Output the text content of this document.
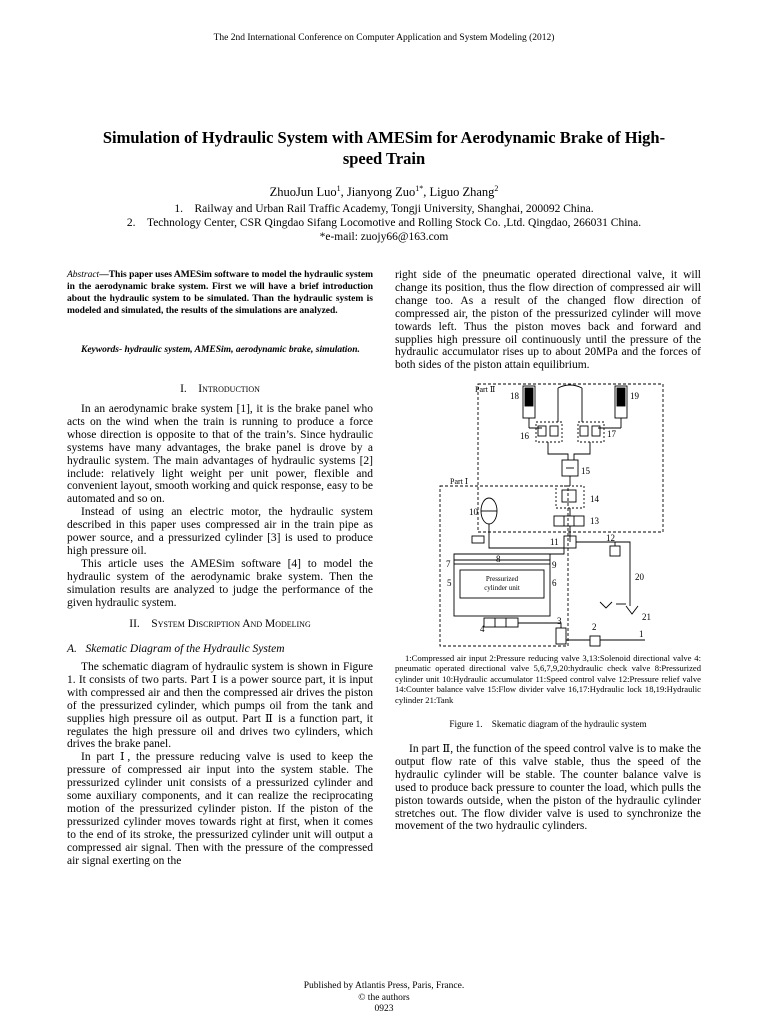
The 2nd International Conference on Computer Application and System Modeling (2012)
Simulation of Hydraulic System with AMESim for Aerodynamic Brake of High-
speed Train
ZhuoJun Luo$^1$, Jianyong Zuo$^{1*}$, Liguo Zhang$^2$
1.    Railway and Urban Rail Traffic Academy, Tongji University, Shanghai, 200092 China.
2.    Technology Center, CSR Qingdao Sifang Locomotive and Rolling Stock Co. ,Ltd. Qingdao, 266031 China.
*e-mail: zuojy66@163.com
Abstract—This paper uses AMESim software to model the hydraulic system in the aerodynamic brake system. First we will have a brief introduction about the hydraulic system to be simulated. Than the hydraulic system is modeled and simulated, the results of the simulations are analyzed.
Keywords- hydraulic system, AMESim, aerodynamic brake, simulation.
I. Introduction

In an aerodynamic brake system [1], it is the brake panel who acts on the wind when the train is running to produce a force whose direction is opposite to that of the train’s. Since hydraulic systems have many advantages, the brake panel is drove by a hydraulic system. The main advantages of hydraulic systems [2] include: relatively light weight per unit power, flexible and convenient layout, smooth working and quick response, easy to be automated and so on.

Instead of using an electric motor, the hydraulic system described in this paper uses compressed air in the train pipe as power source, and a pressurized cylinder [3] is used to produce high pressure oil.

This article uses the AMESim software [4] to model the hydraulic system of the aerodynamic brake system. Then the simulation results are analyzed to judge the performance of the given hydraulic system.

II. System Discription And Modeling
A.   Skematic Diagram of the Hydraulic System

The schematic diagram of hydraulic system is shown in Figure 1. It consists of two parts. Part Ⅰ is a power source part, it is input with compressed air and then the compressed air drives the piston of the pressurized cylinder, which pumps oil from the tank and supplies high pressure oil as output. Part Ⅱ is a function part, it regulates the high pressure oil and drives two cylinders, which drives the brake panel.

In part Ⅰ, the pressure reducing valve is used to keep the pressure of compressed air input into the system stable. The pressurized cylinder unit consists of a pressurized cylinder and some auxiliary components, and it can realize the reciprocating motion of the pressurized cylinder piston. If the piston of the pressurized cylinder moves towards right at first, when it comes to the end of its stroke, the pressurized cylinder unit will output a compressed air signal. Then with the pressure of the compressed air signal exerting on the

right side of the pneumatic operated directional valve, it will change its position, thus the flow direction of compressed air will change too. As a result of the changed flow direction of compressed air, the piston of the pressurized cylinder will move towards left. Thus the piston moves back and forward and supplies high pressure oil continuously until the pressure of the hydraulic accumulator rises up to about 20MPa and the forces of both sides of the piston attain equilibrium.

Part Ⅱ
Part Ⅰ
Pressurized
cylinder unit
1
2
3
4
5	6
7	8
9
10
11	12
13
14
15
16	17
18	19
20
21
1:Compressed air input 2:Pressure reducing valve 3,13:Solenoid directional valve 4: pneumatic operated directional valve 5,6,7,9,20:hydraulic check valve 8:Pressurized cylinder unit 10:Hydraulic accumulator 11:Speed control valve 12:Pressure relief valve 14:Counter balance valve 15:Flow divider valve 16,17:Hydraulic lock 18,19:Hydraulic cylinder 21:Tank
Figure 1.    Skematic diagram of the hydraulic system

In part Ⅱ, the function of the speed control valve is to make the output flow rate of this valve stable, thus the speed of the hydraulic cylinder will be stable. The counter balance valve is used to produce back pressure to counter the load, which pulls the piston towards outside, when the piston of the hydraulic cylinder stretches out. The flow divider valve is used to synchronize the movement of the two hydraulic cylinders.

Published by Atlantis Press, Paris, France.
© the authors
0923
